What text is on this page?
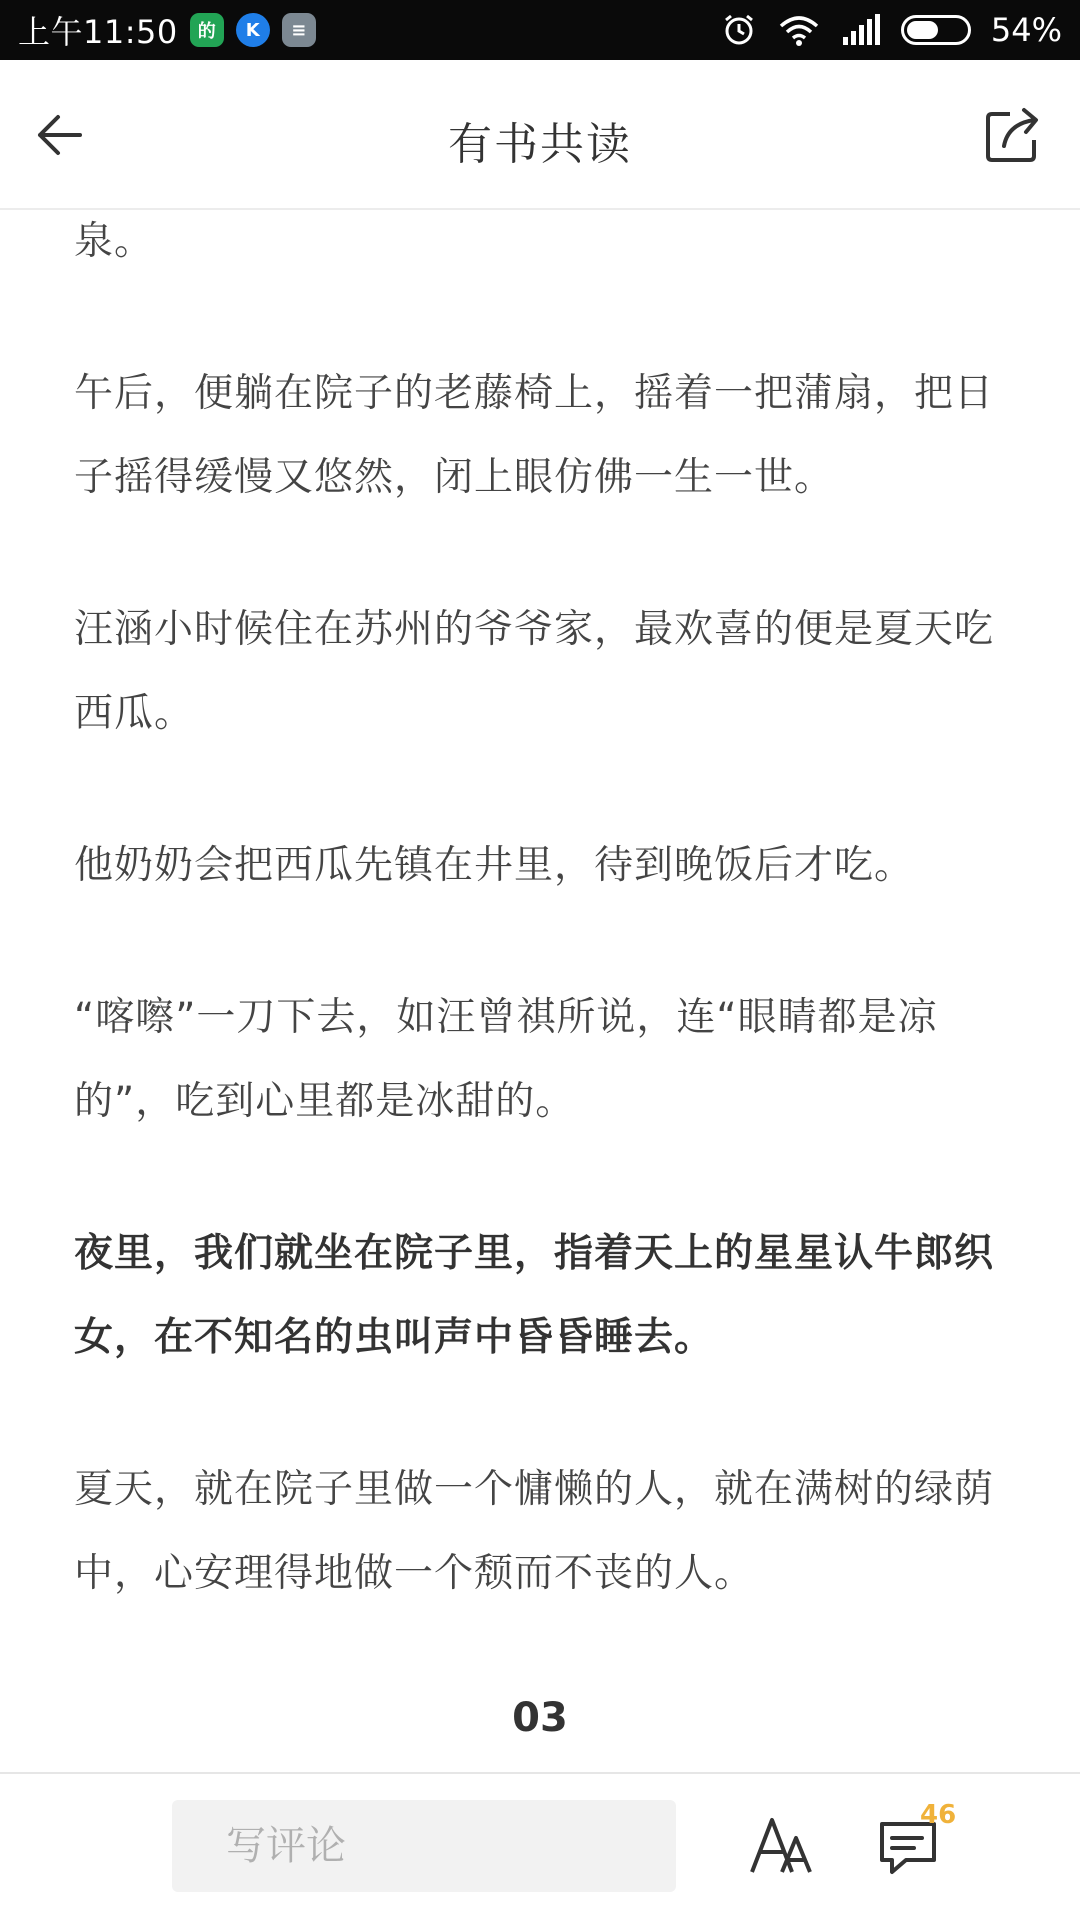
上午11:50	的	K	≡	54%
有书共读

泉。

午后，便躺在院子的老藤椅上，摇着一把蒲扇，把日子摇得缓慢又悠然，闭上眼仿佛一生一世。

汪涵小时候住在苏州的爷爷家，最欢喜的便是夏天吃西瓜。

他奶奶会把西瓜先镇在井里，待到晚饭后才吃。

“喀嚓”一刀下去，如汪曾祺所说，连“眼睛都是凉的”，吃到心里都是冰甜的。

夜里，我们就坐在院子里，指着天上的星星认牛郎织女，在不知名的虫叫声中昏昏睡去。

夏天，就在院子里做一个慵懒的人，就在满树的绿荫中，心安理得地做一个颓而不丧的人。

03
写评论
46
